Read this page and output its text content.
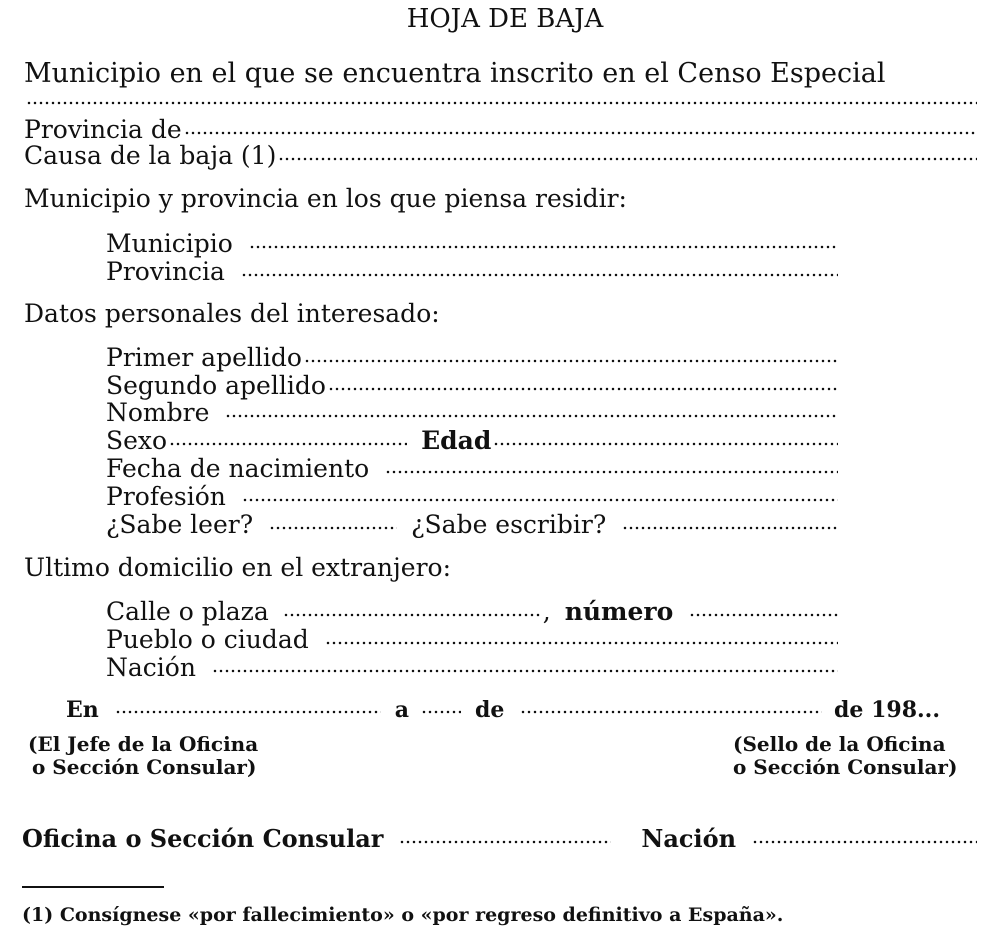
HOJA DE BAJA
Municipio en el que se encuentra inscrito en el Censo Especial
Provincia de
Causa de la baja (1)
Municipio y provincia en los que piensa residir:
Municipio
Provincia
Datos personales del interesado:
Primer apellido
Segundo apellido
Nombre
Sexo	Edad
Fecha de nacimiento
Profesión
¿Sabe leer?	¿Sabe escribir?
Ultimo domicilio en el extranjero:
Calle o plaza	, número
Pueblo o ciudad
Nación
En	a	de	de 198...
(El Jefe de la Oficina
o Sección Consular)
(Sello de la Oficina
o Sección Consular)
Oficina o Sección Consular	Nación
(1) Consígnese «por fallecimiento» o «por regreso definitivo a España».
